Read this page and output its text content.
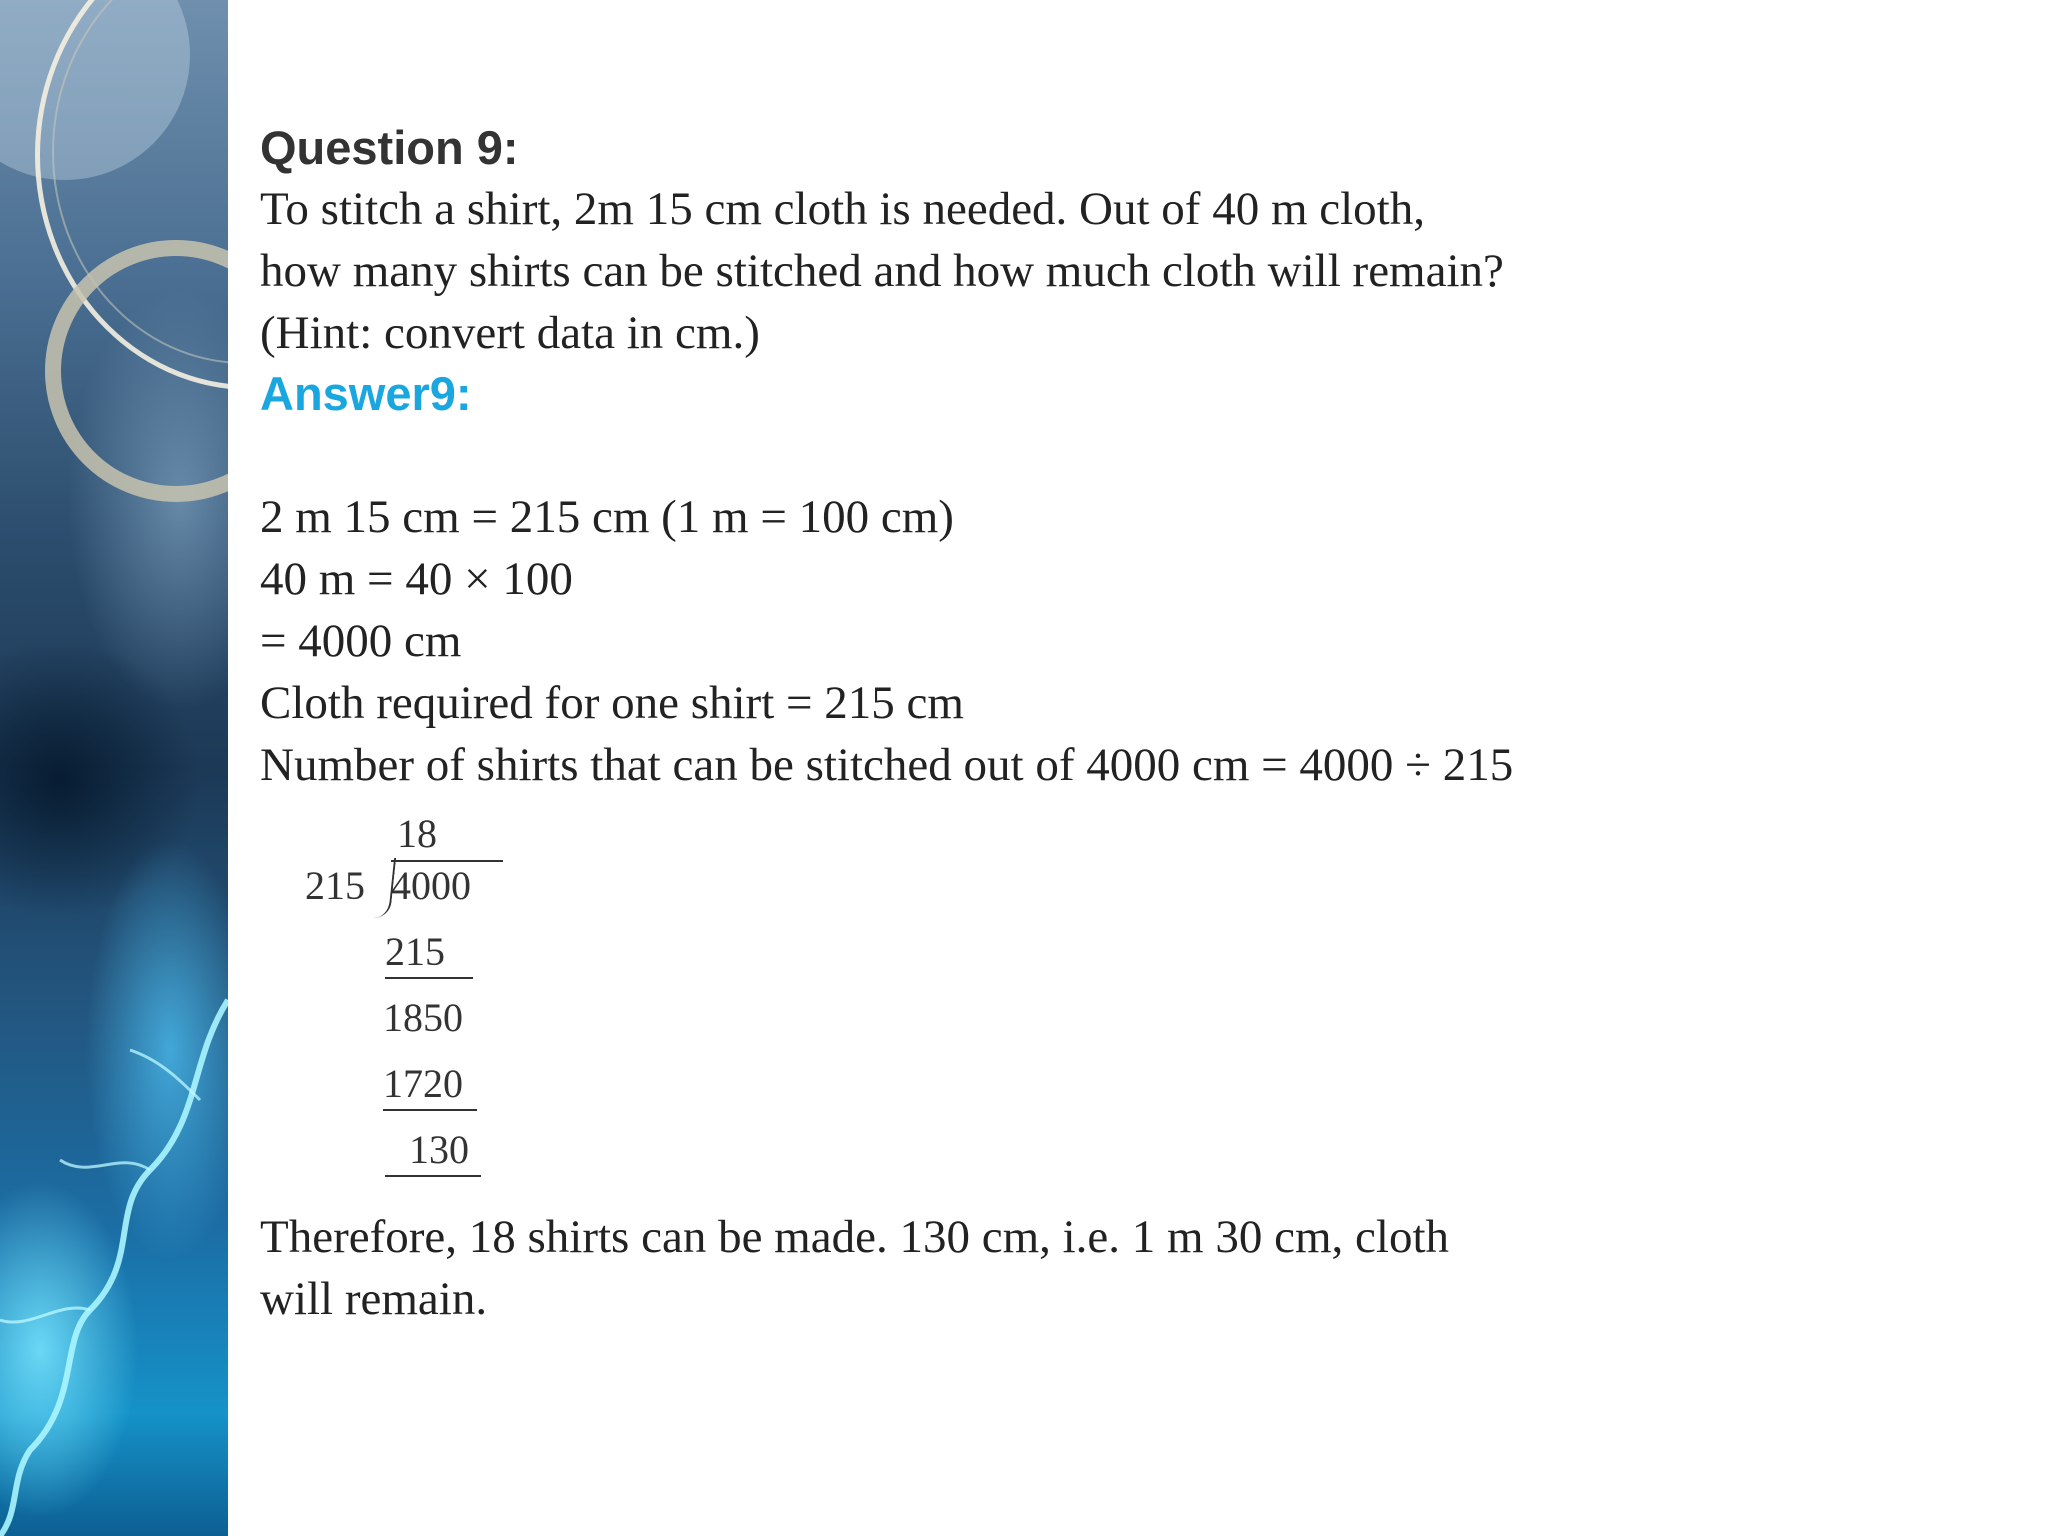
Question 9:
To stitch a shirt, 2m 15 cm cloth is needed. Out of 40 m cloth,
how many shirts can be stitched and how much cloth will remain?
(Hint: convert data in cm.)
Answer9:
2 m 15 cm = 215 cm (1 m = 100 cm)
40 m = 40 × 100
= 4000 cm
Cloth required for one shirt = 215 cm
Number of shirts that can be stitched out of 4000 cm = 4000 ÷ 215
18
215 4000
215
1850
1720
130
Therefore, 18 shirts can be made. 130 cm, i.e. 1 m 30 cm, cloth
will remain.
